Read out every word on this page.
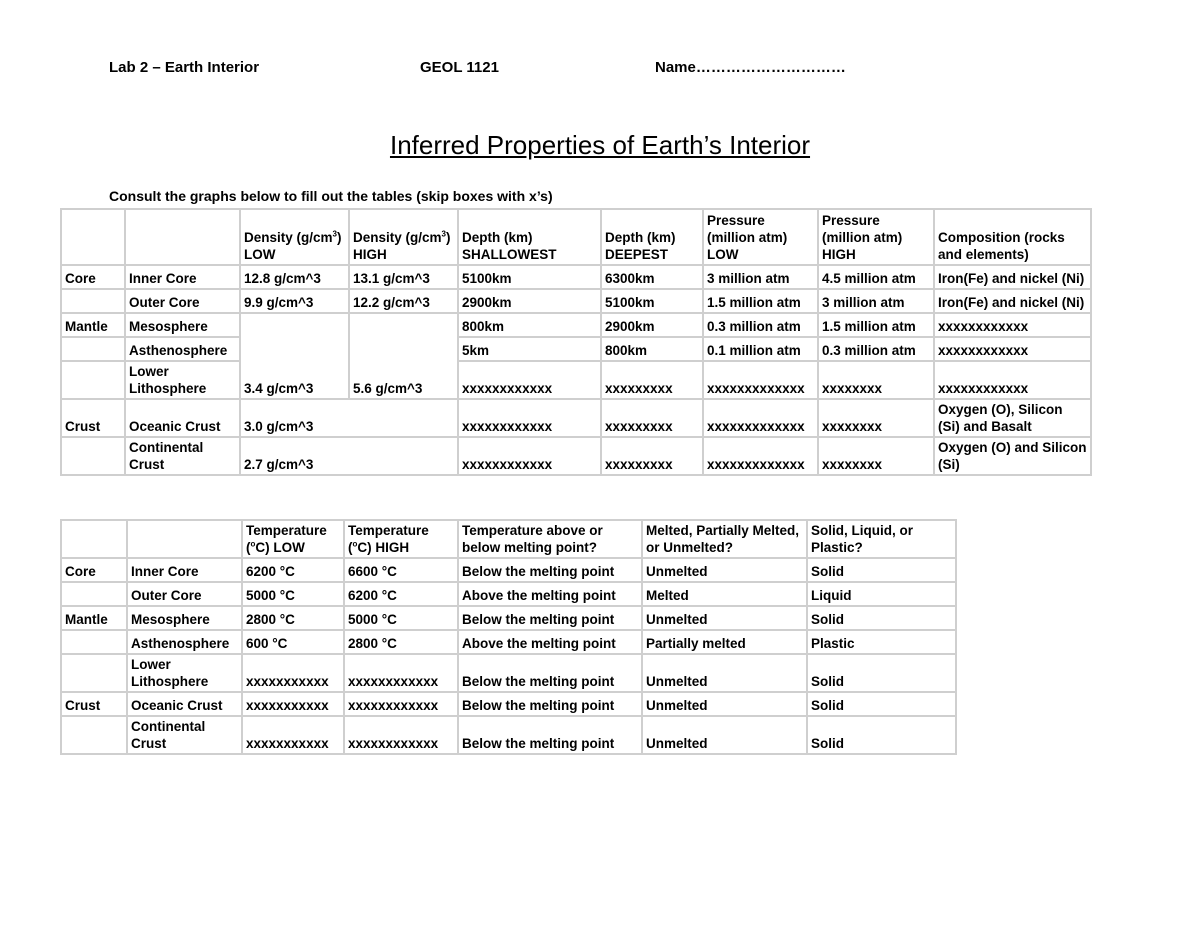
Lab 2 – Earth Interior	GEOL 1121	Name…………………………
Inferred Properties of Earth’s Interior
Consult the graphs below to fill out the tables (skip boxes with x’s)
		Density $(g/cm^3)$ LOW	Density $(g/cm^3)$ HIGH	Depth (km) SHALLOWEST	Depth (km) DEEPEST	Pressure (million atm) LOW	Pressure (million atm) HIGH	Composition (rocks and elements)
Core	Inner Core	12.8 g/cm^3	13.1 g/cm^3	5100km	6300km	3 million atm	4.5 million atm	Iron(Fe) and nickel (Ni)
	Outer Core	9.9 g/cm^3	12.2 g/cm^3	2900km	5100km	1.5 million atm	3 million atm	Iron(Fe) and nickel (Ni)
Mantle	Mesosphere	3.4 g/cm^3	5.6 g/cm^3	800km	2900km	0.3 million atm	1.5 million atm	xxxxxxxxxxxx
	Asthenosphere			5km	800km	0.1 million atm	0.3 million atm	xxxxxxxxxxxx
	Lower Lithosphere			xxxxxxxxxxxx	xxxxxxxxx	xxxxxxxxxxxxx	xxxxxxxx	xxxxxxxxxxxx
Crust	Oceanic Crust	3.0 g/cm^3		xxxxxxxxxxxx	xxxxxxxxx	xxxxxxxxxxxxx	xxxxxxxx	Oxygen (O), Silicon (Si) and Basalt
	Continental Crust	2.7 g/cm^3		xxxxxxxxxxxx	xxxxxxxxx	xxxxxxxxxxxxx	xxxxxxxx	Oxygen (O) and Silicon (Si)
		Temperature ($^o$C) LOW	Temperature ($^o$C) HIGH	Temperature above or below melting point?	Melted, Partially Melted, or Unmelted?	Solid, Liquid, or Plastic?
Core	Inner Core	6200 °C	6600 °C	Below the melting point	Unmelted	Solid
	Outer Core	5000 °C	6200 °C	Above the melting point	Melted	Liquid
Mantle	Mesosphere	2800 °C	5000 °C	Below the melting point	Unmelted	Solid
	Asthenosphere	600 °C	2800 °C	Above the melting point	Partially melted	Plastic
	Lower Lithosphere	xxxxxxxxxxx	xxxxxxxxxxxx	Below the melting point	Unmelted	Solid
Crust	Oceanic Crust	xxxxxxxxxxx	xxxxxxxxxxxx	Below the melting point	Unmelted	Solid
	Continental Crust	xxxxxxxxxxx	xxxxxxxxxxxx	Below the melting point	Unmelted	Solid
